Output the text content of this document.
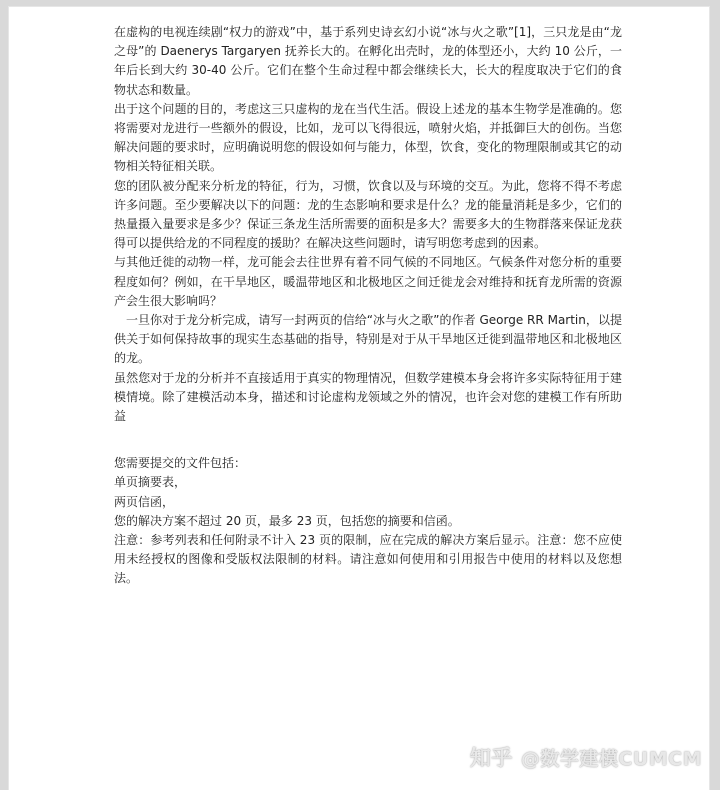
在虚构的电视连续剧“权力的游戏”中，基于系列史诗玄幻小说“冰与火之歌”[1]，三只龙是由“龙之母”的 Daenerys Targaryen 抚养长大的。在孵化出壳时，龙的体型还小，大约 10 公斤，一年后长到大约 30-40 公斤。它们在整个生命过程中都会继续长大，长大的程度取决于它们的食物状态和数量。

出于这个问题的目的，考虑这三只虚构的龙在当代生活。假设上述龙的基本生物学是准确的。您将需要对龙进行一些额外的假设，比如，龙可以飞得很远，喷射火焰，并抵御巨大的创伤。当您解决问题的要求时，应明确说明您的假设如何与能力，体型，饮食，变化的物理限制或其它的动物相关特征相关联。

您的团队被分配来分析龙的特征，行为，习惯，饮食以及与环境的交互。为此，您将不得不考虑许多问题。至少要解决以下的问题：龙的生态影响和要求是什么？龙的能量消耗是多少，它们的热量摄入量要求是多少？保证三条龙生活所需要的面积是多大？需要多大的生物群落来保证龙获得可以提供给龙的不同程度的援助？在解决这些问题时，请写明您考虑到的因素。

与其他迁徙的动物一样，龙可能会去往世界有着不同气候的不同地区。气候条件对您分析的重要程度如何？例如，在干旱地区，暖温带地区和北极地区之间迁徙龙会对维持和抚育龙所需的资源产会生很大影响吗？

一旦你对于龙分析完成，请写一封两页的信给“冰与火之歌”的作者 George RR Martin，以提供关于如何保持故事的现实生态基础的指导，特别是对于从干旱地区迁徙到温带地区和北极地区的龙。

虽然您对于龙的分析并不直接适用于真实的物理情况，但数学建模本身会将许多实际特征用于建模情境。除了建模活动本身，描述和讨论虚构龙领域之外的情况，也许会对您的建模工作有所助益

您需要提交的文件包括：

单页摘要表，

两页信函，

您的解决方案不超过 20 页，最多 23 页，包括您的摘要和信函。

注意：参考列表和任何附录不计入 23 页的限制，应在完成的解决方案后显示。注意：您不应使用未经授权的图像和受版权法限制的材料。请注意如何使用和引用报告中使用的材料以及您想法。

知乎 @数学建模CUMCM
